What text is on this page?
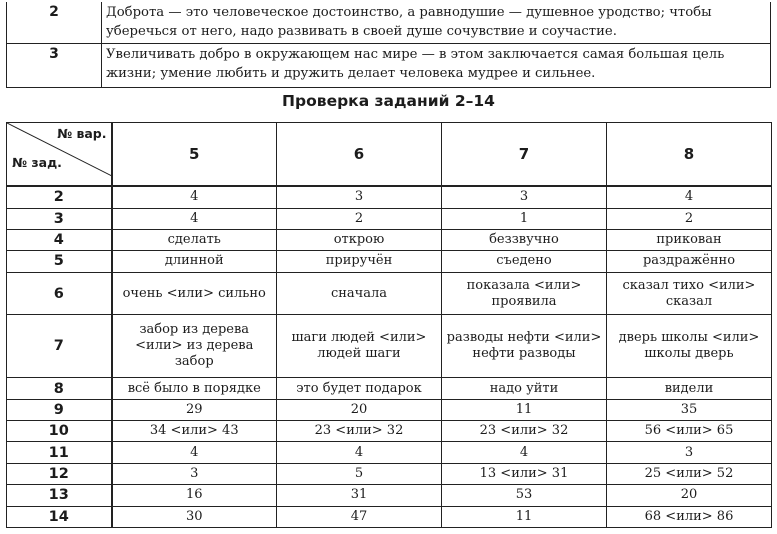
2	Доброта — это человеческое достоинство, а равнодушие — душевное уродство; чтобы уберечься от него, надо развивать в своей душе сочувствие и соучастие.
3	Увеличивать добро в окружающем нас мире — в этом заключается самая большая цель жизни; умение любить и дружить делает человека мудрее и сильнее.
Проверка заданий 2–14
№ вар.
№ зад.	5	6	7	8
2	4	3	3	4
3	4	2	1	2
4	сделать	открою	беззвучно	прикован
5	длинной	приручён	съедено	раздражённо
6	очень <или> сильно	сначала	показала <или> проявила	сказал тихо <или> сказал
7	забор из дерева <или> из дерева забор	шаги людей <или> людей шаги	разводы нефти <или> нефти разводы	дверь школы <или> школы дверь
8	всё было в порядке	это будет подарок	надо уйти	видели
9	29	20	11	35
10	34 <или> 43	23 <или> 32	23 <или> 32	56 <или> 65
11	4	4	4	3
12	3	5	13 <или> 31	25 <или> 52
13	16	31	53	20
14	30	47	11	68 <или> 86
